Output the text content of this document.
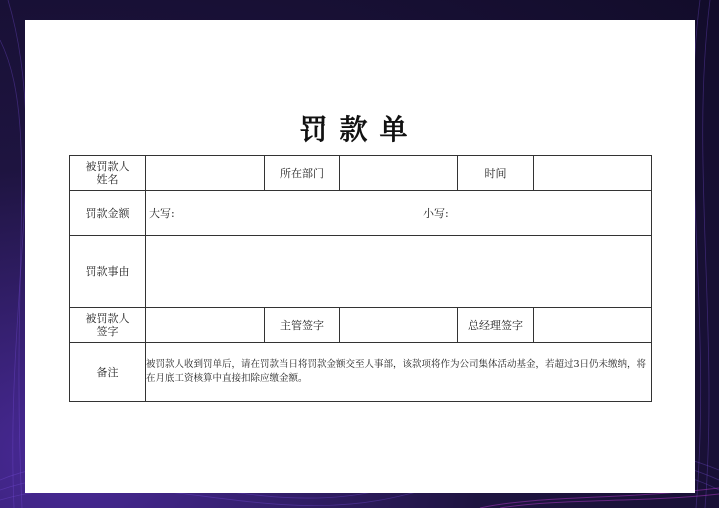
罚款单
被罚款人
姓名		所在部门		时间	
罚款金额	大写: 小写:				

罚款事由					
被罚款人
签字		主管签字		总经理签字	
备注	被罚款人收到罚单后，请在罚款当日将罚款金额交至人事部，该款项将作为公司集体活动基金，若超过3日仍未缴纳，将在月底工资核算中直接扣除应缴金额。				
